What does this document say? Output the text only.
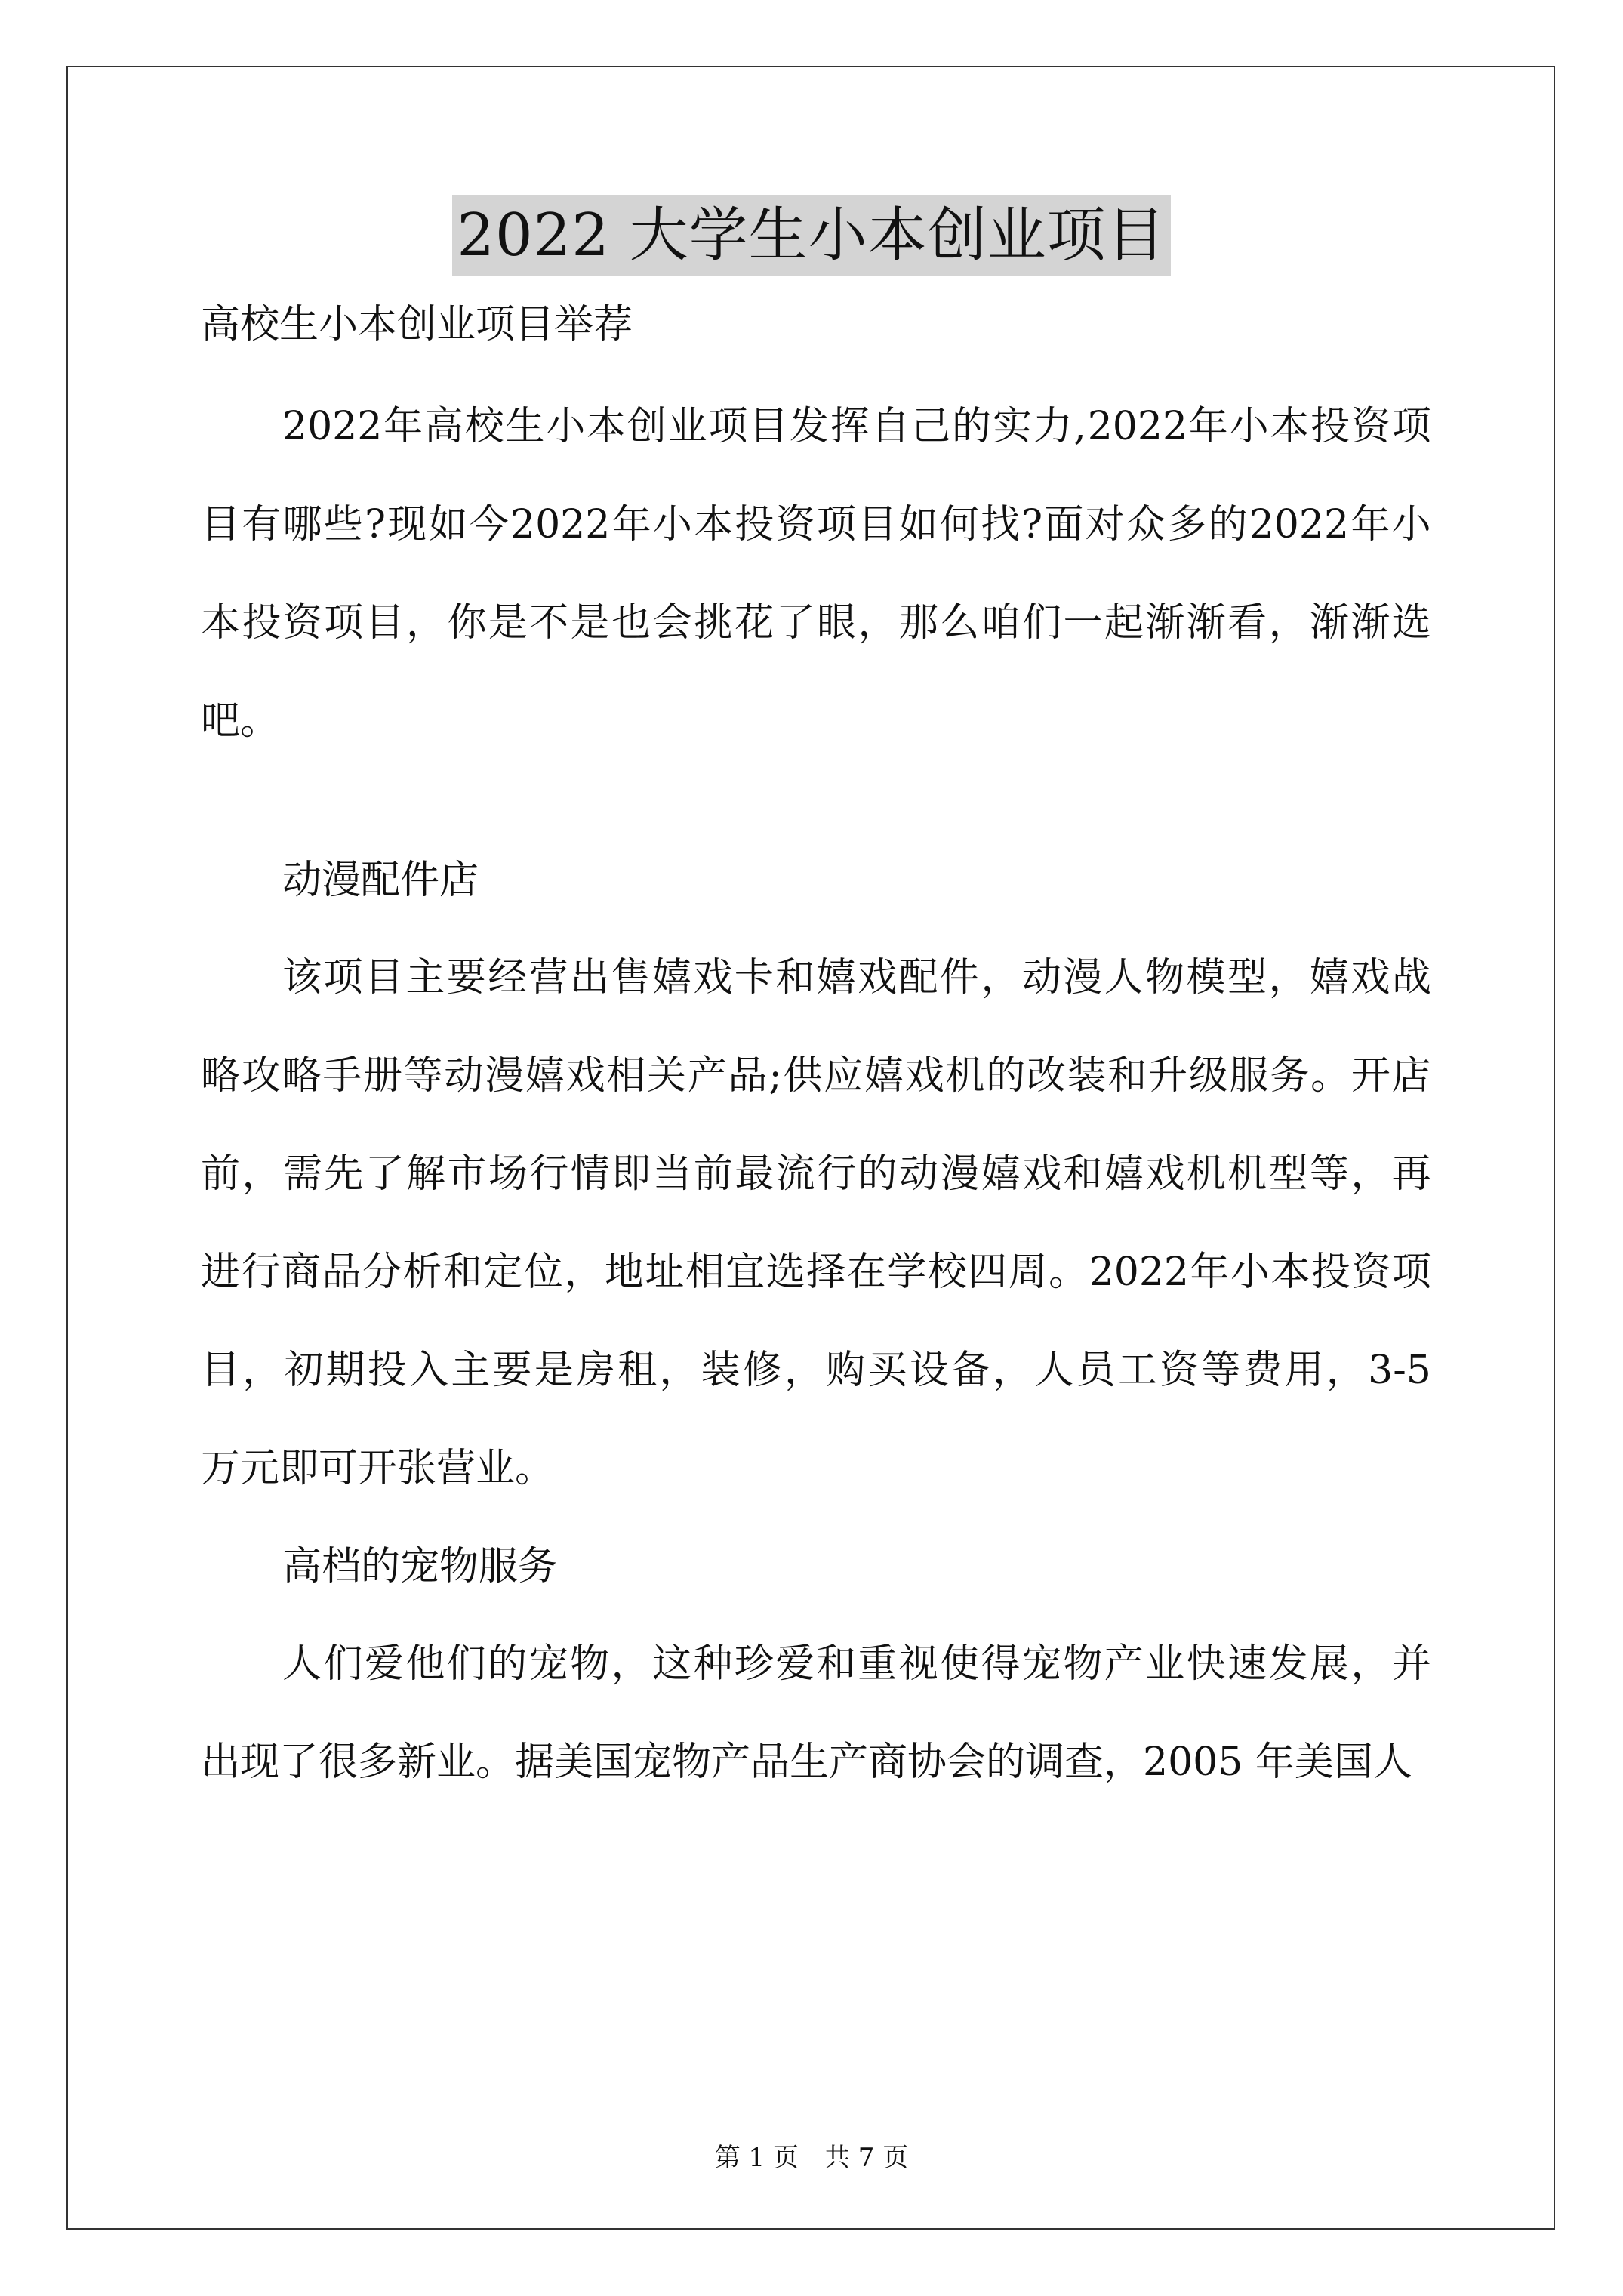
2022 大学生小本创业项目
高校生小本创业项目举荐
2022 年 高 校 生 小 本 创 业 项 目 发 挥 自 己 的 实 力 , 2022 年 小 本 投 资 项
目 有 哪 些 ? 现 如 今 2022 年 小 本 投 资 项 目 如 何 找 ? 面 对 众 多 的 2022 年 小
本 投 资 项 目 ， 你 是 不 是 也 会 挑 花 了 眼 ， 那 么 咱 们 一 起 渐 渐 看 ， 渐 渐 选
吧。
动漫配件店
该 项 目 主 要 经 营 出 售 嬉 戏 卡 和 嬉 戏 配 件 ， 动 漫 人 物 模 型 ， 嬉 戏 战
略 攻 略 手 册 等 动 漫 嬉 戏 相 关 产 品 ; 供 应 嬉 戏 机 的 改 装 和 升 级 服 务 。 开 店
前 ， 需 先 了 解 市 场 行 情 即 当 前 最 流 行 的 动 漫 嬉 戏 和 嬉 戏 机 机 型 等 ， 再
进 行 商 品 分 析 和 定 位 ， 地 址 相 宜 选 择 在 学 校 四 周 。 2022 年 小 本 投 资 项
目 ， 初 期 投 入 主 要 是 房 租 ， 装 修 ， 购 买 设 备 ， 人 员 工 资 等 费 用 ， 3-5
万元即可开张营业。
高档的宠物服务
人 们 爱 他 们 的 宠 物 ， 这 种 珍 爱 和 重 视 使 得 宠 物 产 业 快 速 发 展 ， 并
出现了很多新业。据美国宠物产品生产商协会的调查，2005 年美国人
第 1 页 共 7 页
